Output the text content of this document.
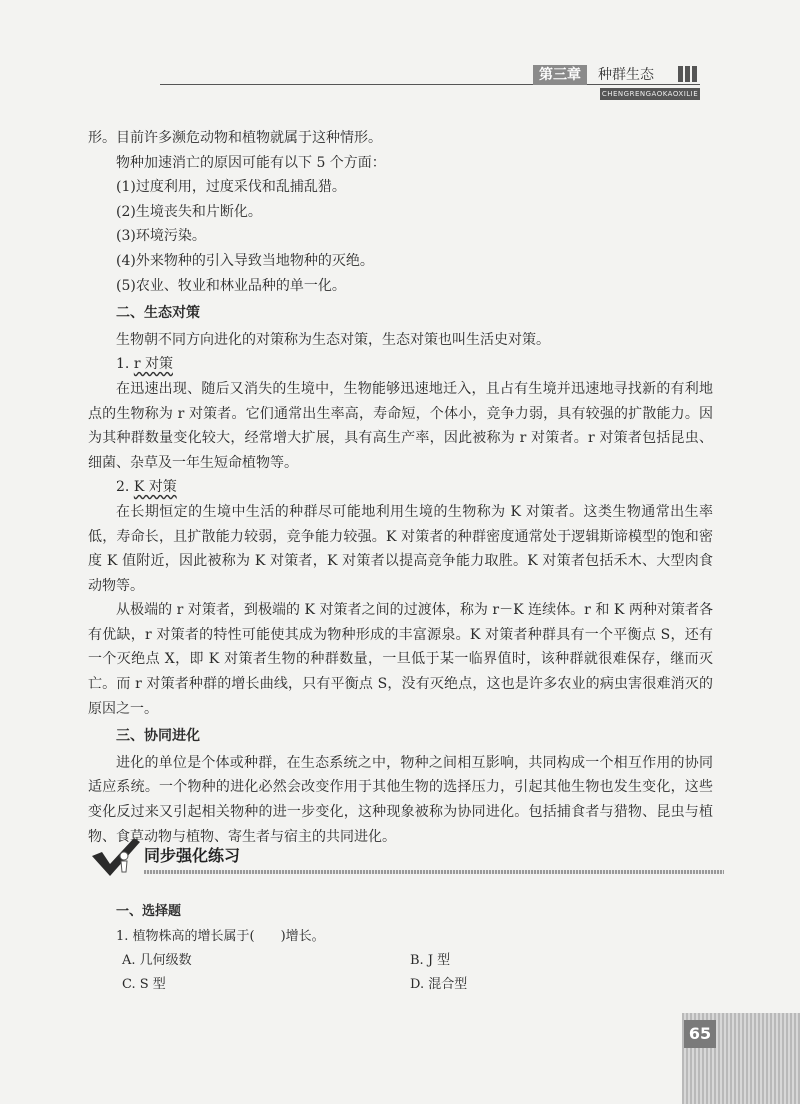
第三章	种群生态
CHENGRENGAOKAOXILIE

形。目前许多濒危动物和植物就属于这种情形。

物种加速消亡的原因可能有以下 5 个方面：

(1)过度利用，过度采伐和乱捕乱猎。

(2)生境丧失和片断化。

(3)环境污染。

(4)外来物种的引入导致当地物种的灭绝。

(5)农业、牧业和林业品种的单一化。

二、生态对策

生物朝不同方向进化的对策称为生态对策，生态对策也叫生活史对策。

1. r 对策

在迅速出现、随后又消失的生境中，生物能够迅速地迁入，且占有生境并迅速地寻找新的有利地点的生物称为 r 对策者。它们通常出生率高，寿命短，个体小，竞争力弱，具有较强的扩散能力。因为其种群数量变化较大，经常增大扩展，具有高生产率，因此被称为 r 对策者。r 对策者包括昆虫、细菌、杂草及一年生短命植物等。

2. K 对策

在长期恒定的生境中生活的种群尽可能地利用生境的生物称为 K 对策者。这类生物通常出生率低，寿命长，且扩散能力较弱，竞争能力较强。K 对策者的种群密度通常处于逻辑斯谛模型的饱和密度 K 值附近，因此被称为 K 对策者，K 对策者以提高竞争能力取胜。K 对策者包括禾木、大型肉食动物等。

从极端的 r 对策者，到极端的 K 对策者之间的过渡体，称为 r－K 连续体。r 和 K 两种对策者各有优缺，r 对策者的特性可能使其成为物种形成的丰富源泉。K 对策者种群具有一个平衡点 S，还有一个灭绝点 X，即 K 对策者生物的种群数量，一旦低于某一临界值时，该种群就很难保存，继而灭亡。而 r 对策者种群的增长曲线，只有平衡点 S，没有灭绝点，这也是许多农业的病虫害很难消灭的原因之一。

三、协同进化

进化的单位是个体或种群，在生态系统之中，物种之间相互影响，共同构成一个相互作用的协同适应系统。一个物种的进化必然会改变作用于其他生物的选择压力，引起其他生物也发生变化，这些变化反过来又引起相关物种的进一步变化，这种现象被称为协同进化。包括捕食者与猎物、昆虫与植物、食草动物与植物、寄生者与宿主的共同进化。

同步强化练习
一、选择题
1. 植物株高的增长属于(　　)增长。
A. 几何级数	B. J 型
C. S 型	D. 混合型
65
